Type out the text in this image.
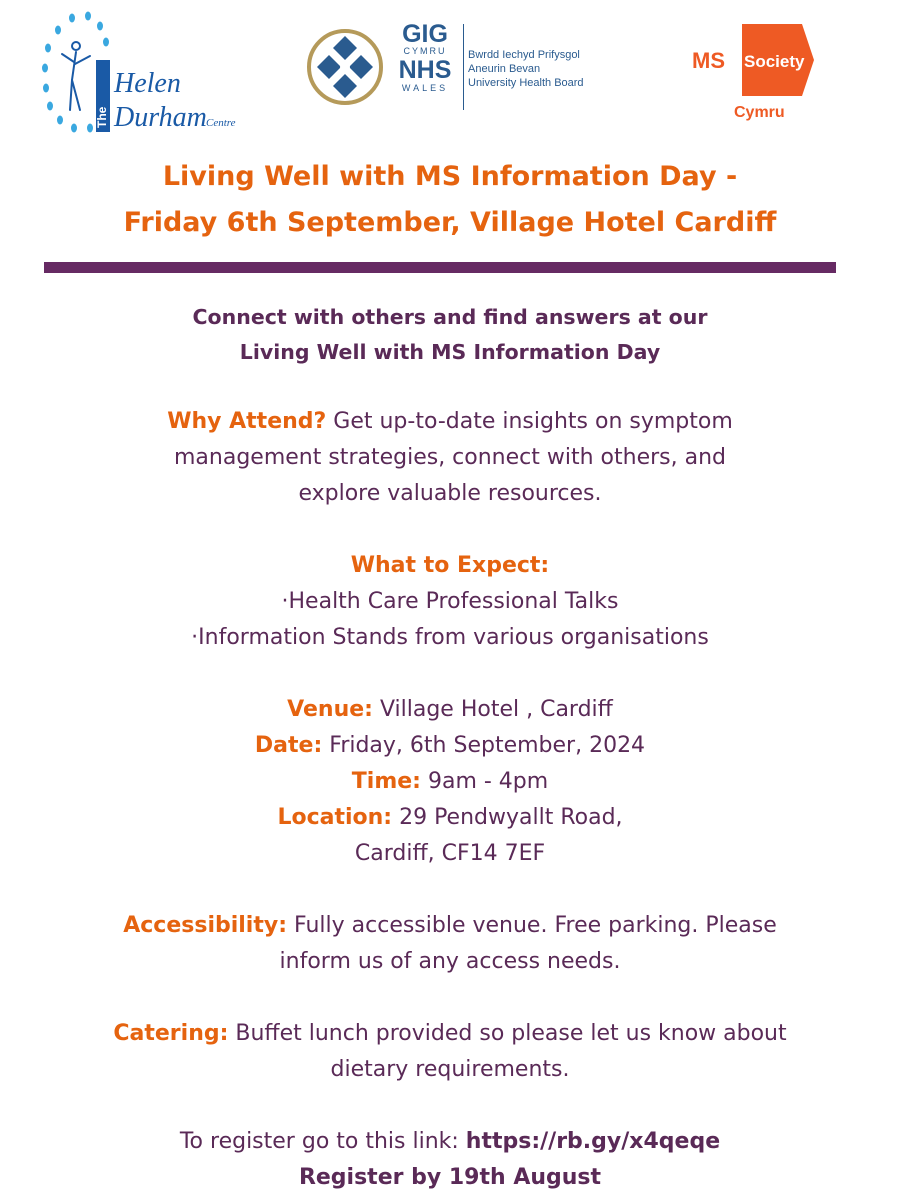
The
Helen
Durham Centre
GIG
CYMRU
NHS
WALES
Bwrdd Iechyd Prifysgol
Aneurin Bevan
University Health Board
MS Society
Cymru
Living Well with MS Information Day -
Friday 6th September, Village Hotel Cardiff
Connect with others and find answers at our
Living Well with MS Information Day
Why Attend? Get up-to-date insights on symptom
management strategies, connect with others, and
explore valuable resources.
What to Expect:
·Health Care Professional Talks
·Information Stands from various organisations
Venue: Village Hotel , Cardiff
Date: Friday, 6th September, 2024
Time: 9am - 4pm
Location: 29 Pendwyallt Road,
Cardiff, CF14 7EF
Accessibility: Fully accessible venue. Free parking. Please
inform us of any access needs.
Catering: Buffet lunch provided so please let us know about
dietary requirements.
To register go to this link: https://rb.gy/x4qeqe
Register by 19th August
